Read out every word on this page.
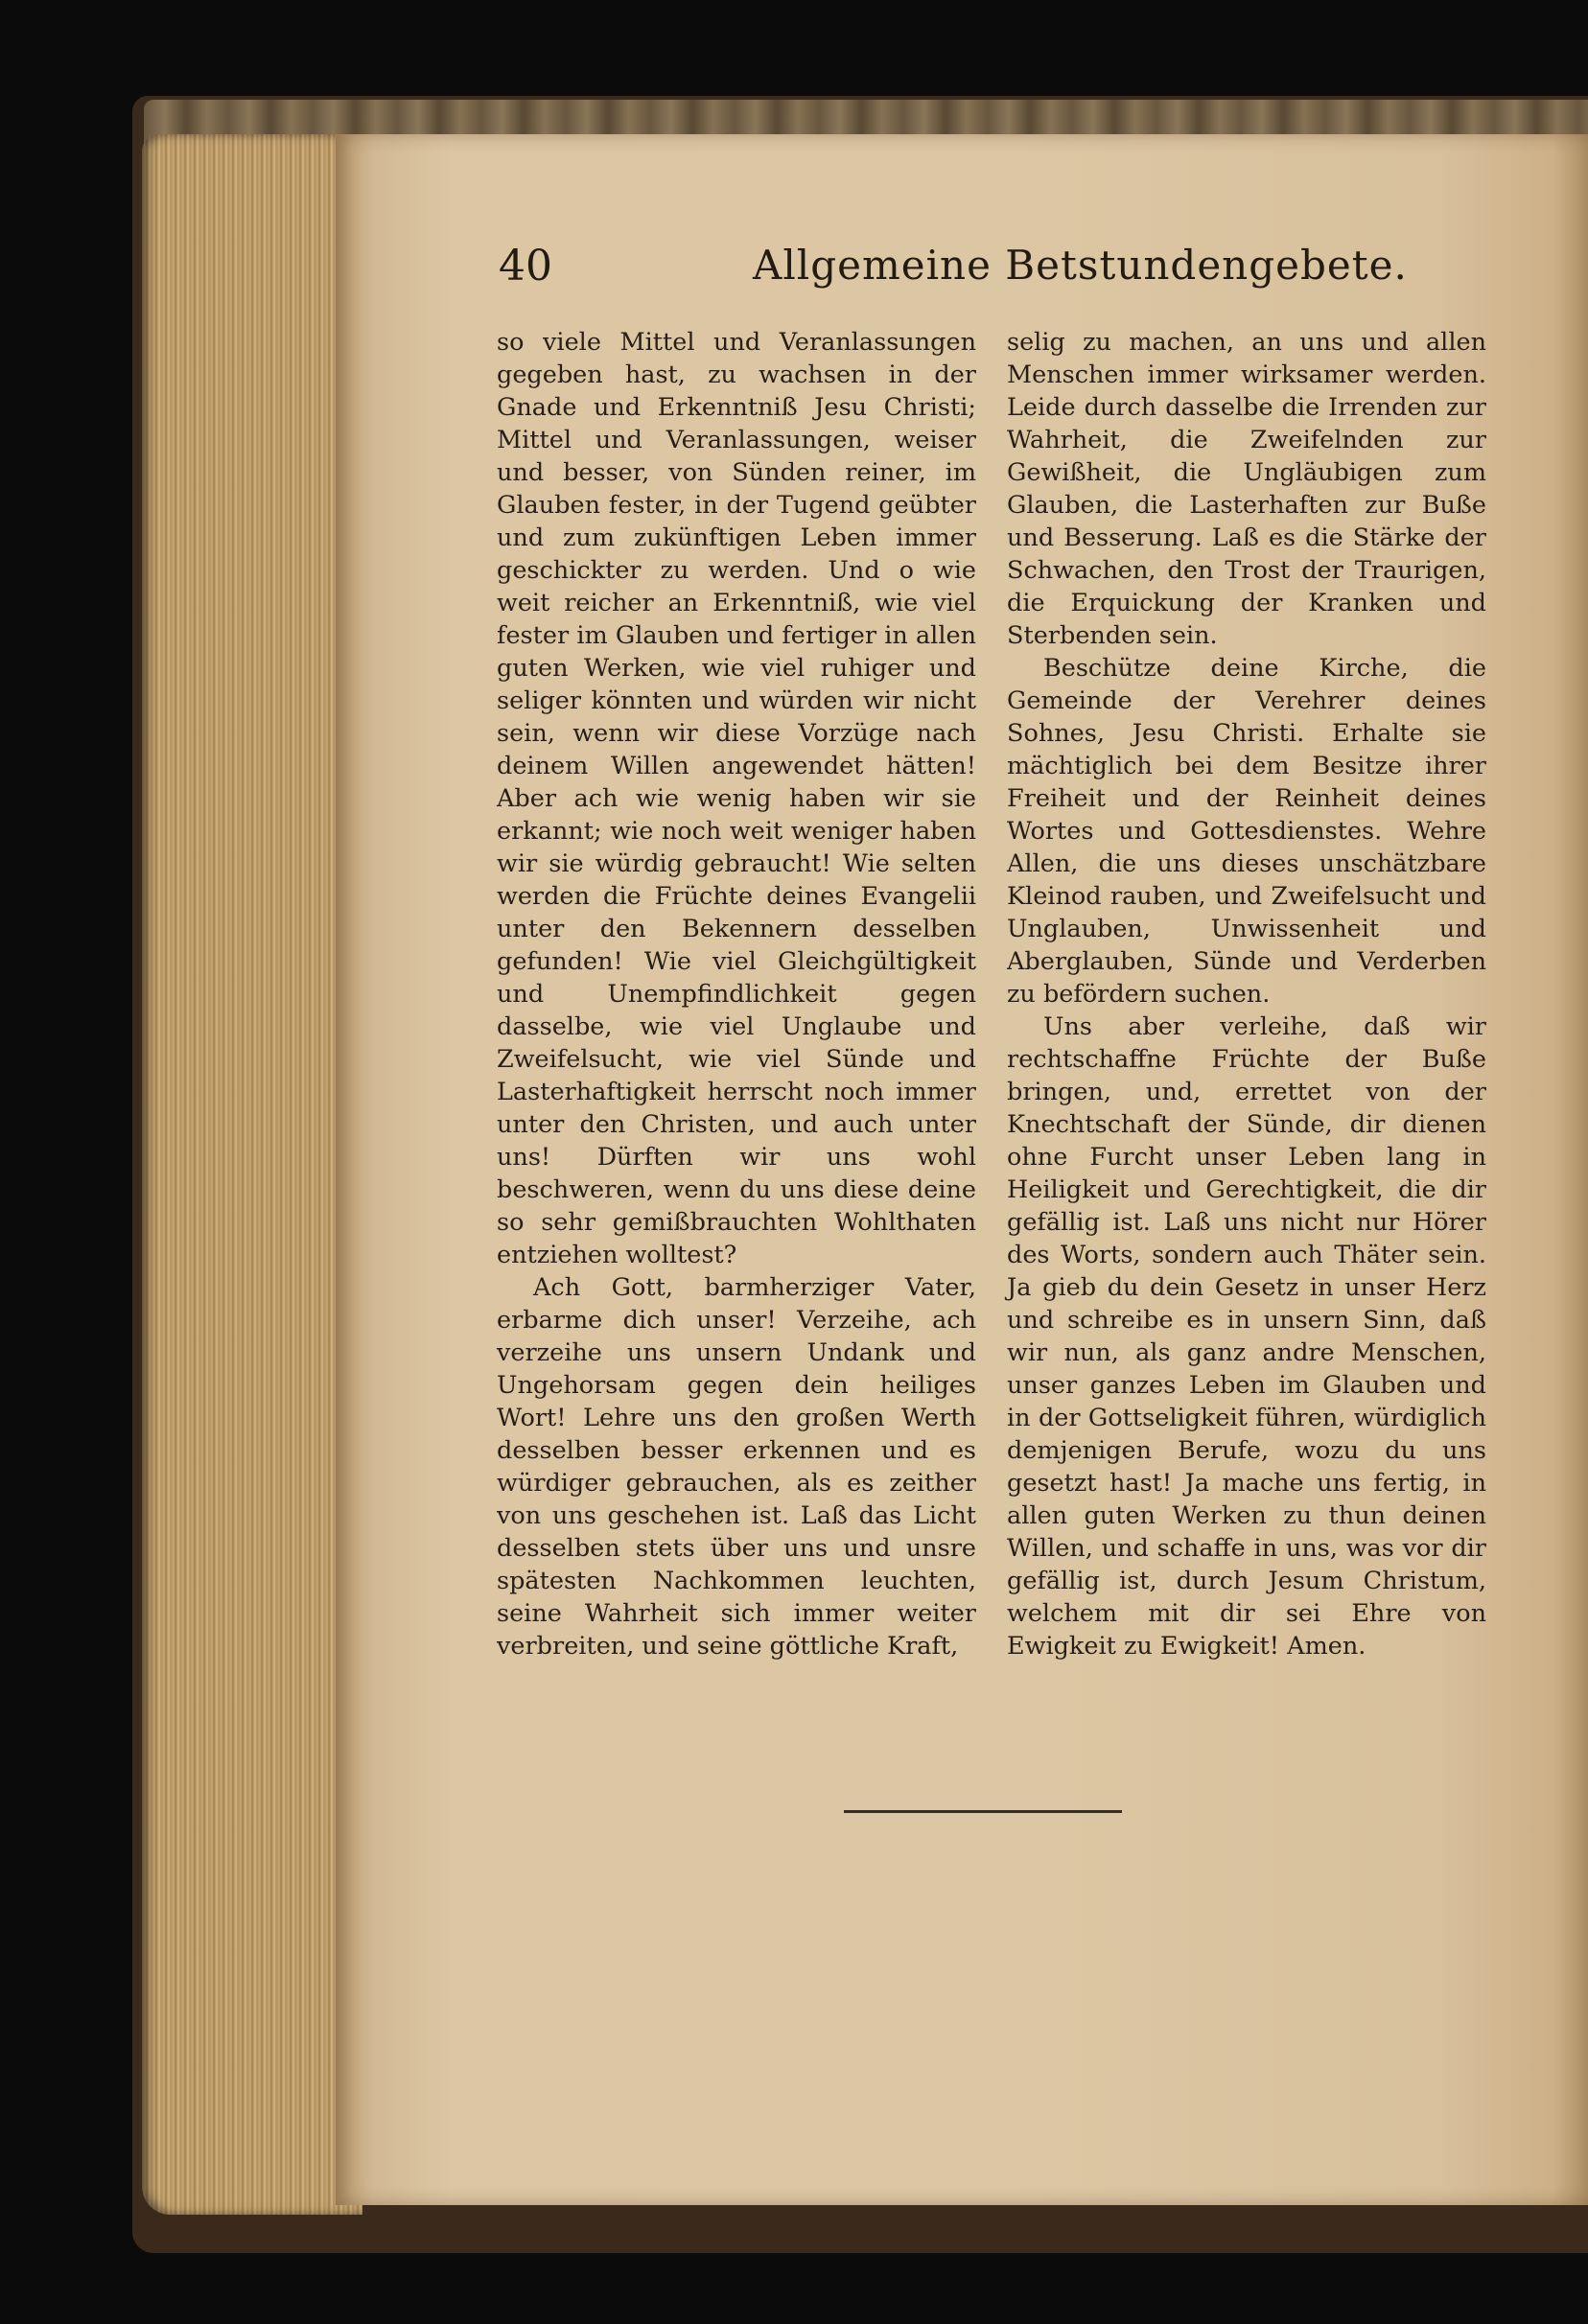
40	Allgemeine Betstundengebete.

so viele Mittel und Veranlassungen gegeben hast, zu wachsen in der Gnade und Erkenntniß Jesu Christi; Mittel und Veranlassungen, weiser und besser, von Sünden reiner, im Glauben fester, in der Tugend geübter und zum zukünftigen Leben immer geschickter zu werden. Und o wie weit reicher an Erkenntniß, wie viel fester im Glauben und fertiger in allen guten Werken, wie viel ruhiger und seliger könnten und würden wir nicht sein, wenn wir diese Vorzüge nach deinem Willen angewendet hätten! Aber ach wie wenig haben wir sie erkannt; wie noch weit weniger haben wir sie würdig gebraucht! Wie selten werden die Früchte deines Evangelii unter den Bekennern desselben gefunden! Wie viel Gleichgültigkeit und Unempfindlichkeit gegen dasselbe, wie viel Unglaube und Zweifelsucht, wie viel Sünde und Lasterhaftigkeit herrscht noch immer unter den Christen, und auch unter uns! Dürften wir uns wohl beschweren, wenn du uns diese deine so sehr gemißbrauchten Wohlthaten entziehen wolltest?

Ach Gott, barmherziger Vater, erbarme dich unser! Verzeihe, ach verzeihe uns unsern Undank und Ungehorsam gegen dein heiliges Wort! Lehre uns den großen Werth desselben besser erkennen und es würdiger gebrauchen, als es zeither von uns geschehen ist. Laß das Licht desselben stets über uns und unsre spätesten Nachkommen leuchten, seine Wahrheit sich immer weiter verbreiten, und seine göttliche Kraft,

selig zu machen, an uns und allen Menschen immer wirksamer werden. Leide durch dasselbe die Irrenden zur Wahrheit, die Zweifelnden zur Gewißheit, die Ungläubigen zum Glauben, die Lasterhaften zur Buße und Besserung. Laß es die Stärke der Schwachen, den Trost der Traurigen, die Erquickung der Kranken und Sterbenden sein.

Beschütze deine Kirche, die Gemeinde der Verehrer deines Sohnes, Jesu Christi. Erhalte sie mächtiglich bei dem Besitze ihrer Freiheit und der Reinheit deines Wortes und Gottesdienstes. Wehre Allen, die uns dieses unschätzbare Kleinod rauben, und Zweifelsucht und Unglauben, Unwissenheit und Aberglauben, Sünde und Verderben zu befördern suchen.

Uns aber verleihe, daß wir rechtschaffne Früchte der Buße bringen, und, errettet von der Knechtschaft der Sünde, dir dienen ohne Furcht unser Leben lang in Heiligkeit und Gerechtigkeit, die dir gefällig ist. Laß uns nicht nur Hörer des Worts, sondern auch Thäter sein. Ja gieb du dein Gesetz in unser Herz und schreibe es in unsern Sinn, daß wir nun, als ganz andre Menschen, unser ganzes Leben im Glauben und in der Gottseligkeit führen, würdiglich demjenigen Berufe, wozu du uns gesetzt hast! Ja mache uns fertig, in allen guten Werken zu thun deinen Willen, und schaffe in uns, was vor dir gefällig ist, durch Jesum Christum, welchem mit dir sei Ehre von Ewigkeit zu Ewigkeit! Amen.
